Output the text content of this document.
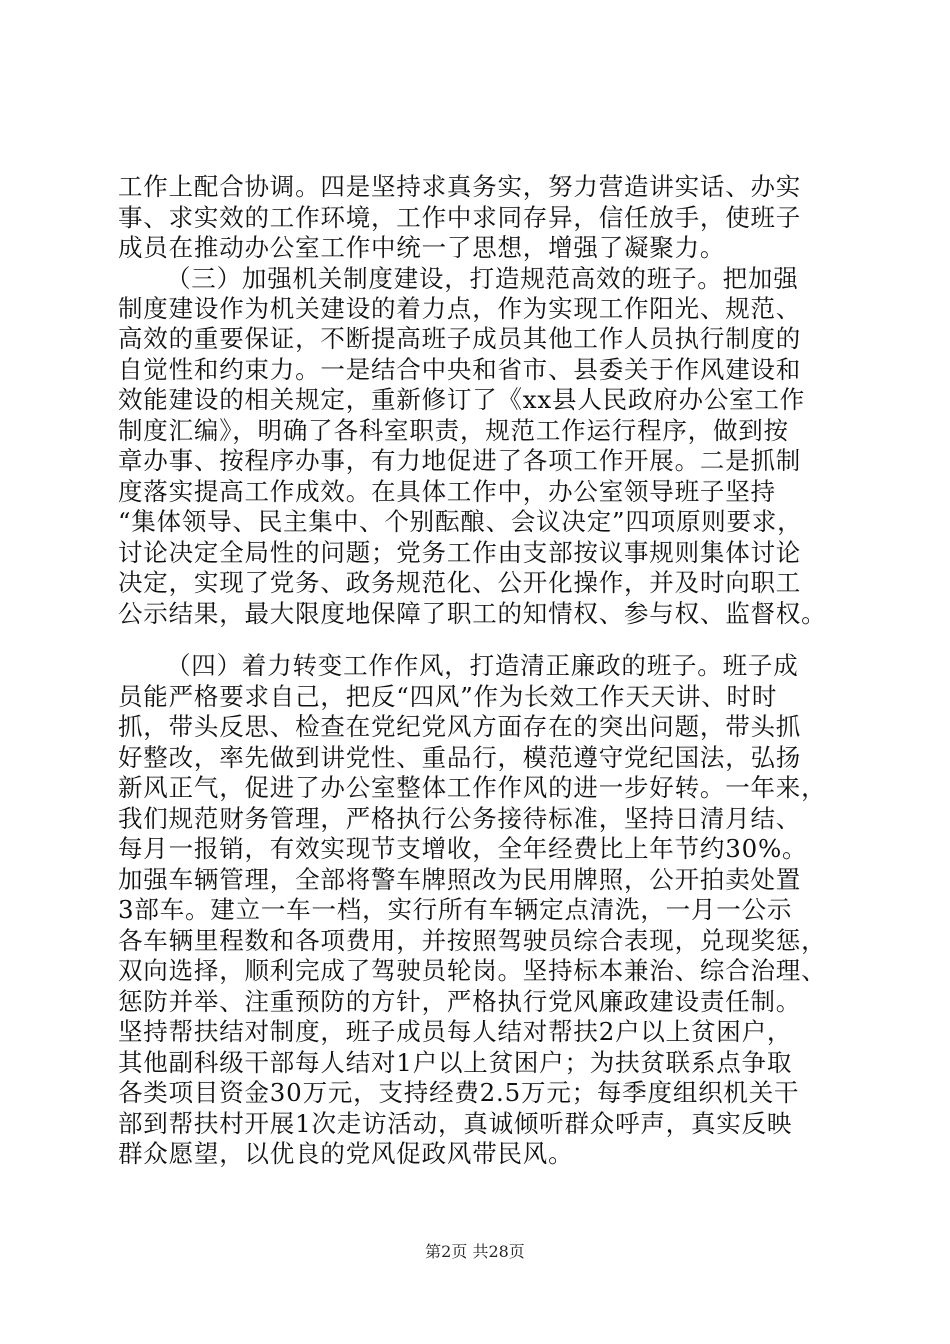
工作上配合协调。四是坚持求真务实，努力营造讲实话、办实
事、求实效的工作环境，工作中求同存异，信任放手，使班子
成员在推动办公室工作中统一了思想，增强了凝聚力。
（三）加强机关制度建设，打造规范高效的班子。把加强
制度建设作为机关建设的着力点，作为实现工作阳光、规范、
高效的重要保证，不断提高班子成员其他工作人员执行制度的
自觉性和约束力。一是结合中央和省市、县委关于作风建设和
效能建设的相关规定，重新修订了《xx县人民政府办公室工作
制度汇编》，明确了各科室职责，规范工作运行程序，做到按
章办事、按程序办事，有力地促进了各项工作开展。二是抓制
度落实提高工作成效。在具体工作中，办公室领导班子坚持
“集体领导、民主集中、个别酝酿、会议决定”四项原则要求，
讨论决定全局性的问题；党务工作由支部按议事规则集体讨论
决定，实现了党务、政务规范化、公开化操作，并及时向职工
公示结果，最大限度地保障了职工的知情权、参与权、监督权。
（四）着力转变工作作风，打造清正廉政的班子。班子成
员能严格要求自己，把反“四风”作为长效工作天天讲、时时
抓，带头反思、检查在党纪党风方面存在的突出问题，带头抓
好整改，率先做到讲党性、重品行，模范遵守党纪国法，弘扬
新风正气，促进了办公室整体工作作风的进一步好转。一年来，
我们规范财务管理，严格执行公务接待标准，坚持日清月结、
每月一报销，有效实现节支增收，全年经费比上年节约30%。
加强车辆管理，全部将警车牌照改为民用牌照，公开拍卖处置
3部车。建立一车一档，实行所有车辆定点清洗，一月一公示
各车辆里程数和各项费用，并按照驾驶员综合表现，兑现奖惩，
双向选择，顺利完成了驾驶员轮岗。坚持标本兼治、综合治理、
惩防并举、注重预防的方针，严格执行党风廉政建设责任制。
坚持帮扶结对制度，班子成员每人结对帮扶2户以上贫困户，
其他副科级干部每人结对1户以上贫困户；为扶贫联系点争取
各类项目资金30万元，支持经费2.5万元；每季度组织机关干
部到帮扶村开展1次走访活动，真诚倾听群众呼声，真实反映
群众愿望，以优良的党风促政风带民风。
第2页 共28页
